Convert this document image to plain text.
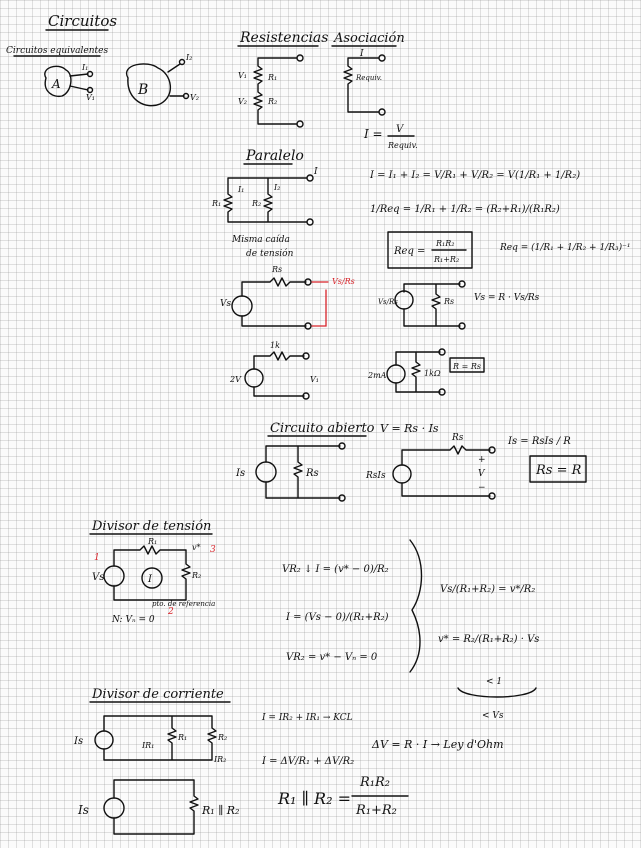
Circuitos
Circuitos equivalentes
A
I₁
V₁	B
I₂
V₂
Resistencias
V₁	R₁
V₂	R₂
Asociación
I
Requiv.
I = V
Requiv.
Paralelo
I
I₁	I₂
R₁	R₂
Misma caída
de tensión
I = I₁ + I₂ = V/R₁ + V/R₂ = V(1/R₁ + 1/R₂)
1/Req = 1/R₁ + 1/R₂ = (R₂+R₁)/(R₁R₂)
Req =
R₁R₂
R₁+R₂
Req = (1/R₁ + 1/R₂ + 1/R₃)⁻¹
Vs
Rs
Vs/Rs
Vs/Rs	Rs Vs = R · Vs/Rs
1k
2V	V₁	2mA	1kΩ
R = Rs
Circuito abierto V = Rs · Is
Is	Rs	RsIs
Rs
+
V
−
Is = RsIs / R
Rs = R
Divisor de tensión
Vs	I
R₁
R₂
v*
1
3
2
pto. de referencia
N: Vₙ = 0
VR₂ ↓ I = (v* − 0)/R₂
I = (Vs − 0)/(R₁+R₂)
VR₂ = v* − Vₙ = 0
Vs/(R₁+R₂) = v*/R₂
v* = R₂/(R₁+R₂) · Vs
< 1
< Vs
Divisor de corriente
Is	IR₁
R₁	R₂
IR₂
I = IR₂ + IR₁ → KCL
I = ΔV/R₁ + ΔV/R₂
ΔV = R · I → Ley d'Ohm
Is	R₁ ∥ R₂
R₁ ∥ R₂ =
R₁R₂
R₁+R₂
